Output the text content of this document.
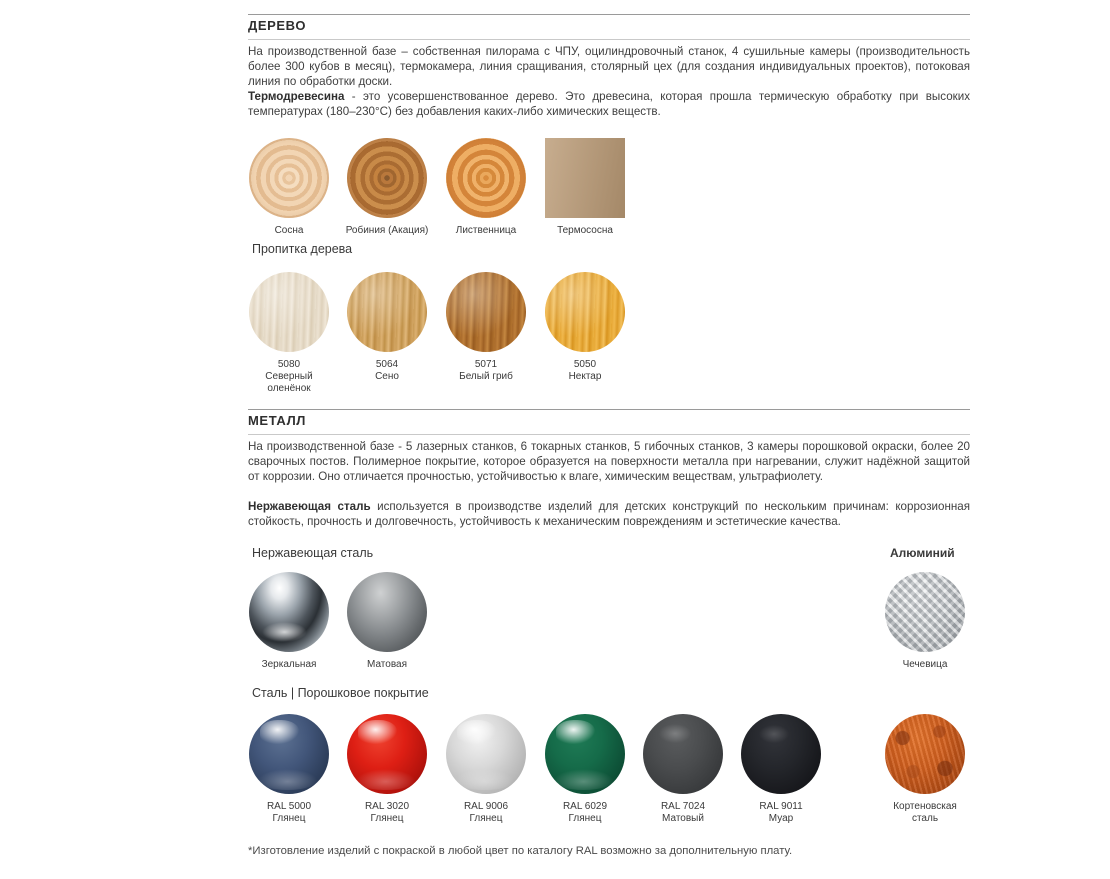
ДЕРЕВО
На производственной базе – собственная пилорама с ЧПУ, оцилиндровочный станок, 4 сушильные камеры (производительность более 300 кубов в месяц), термокамера, линия сращивания, столярный цех (для создания индивидуальных проектов), потоковая линия по обработки доски.
Термодревесина - это усовершенствованное дерево. Это древесина, которая прошла термическую обработку при высоких температурах (180–230°С) без добавления каких-либо химических веществ.
Сосна	Робиния (Акация)	Лиственница	Термососна
Пропитка дерева
5080
Северный
оленёнок
5064
Сено
5071
Белый гриб
5050
Нектар
МЕТАЛЛ
На производственной базе - 5 лазерных станков, 6 токарных станков, 5 гибочных станков, 3 камеры порошковой окраски, более 20 сварочных постов. Полимерное покрытие, которое образуется на поверхности металла при нагревании, служит надёжной защитой от коррозии. Оно отличается прочностью, устойчивостью к влаге, химическим веществам, ультрафиолету.
Нержавеющая сталь используется в производстве изделий для детских конструкций по нескольким причинам: коррозионная стойкость, прочность и долговечность, устойчивость к механическим повреждениям и эстетические качества.
Нержавеющая сталь	Алюминий
Зеркальная	Матовая	Чечевица
Сталь | Порошковое покрытие
RAL 5000
Глянец
RAL 3020
Глянец
RAL 9006
Глянец
RAL 6029
Глянец
RAL 7024
Матовый
RAL 9011
Муар
Кортеновская
сталь
*Изготовление изделий с покраской в любой цвет по каталогу RAL возможно за дополнительную плату.
